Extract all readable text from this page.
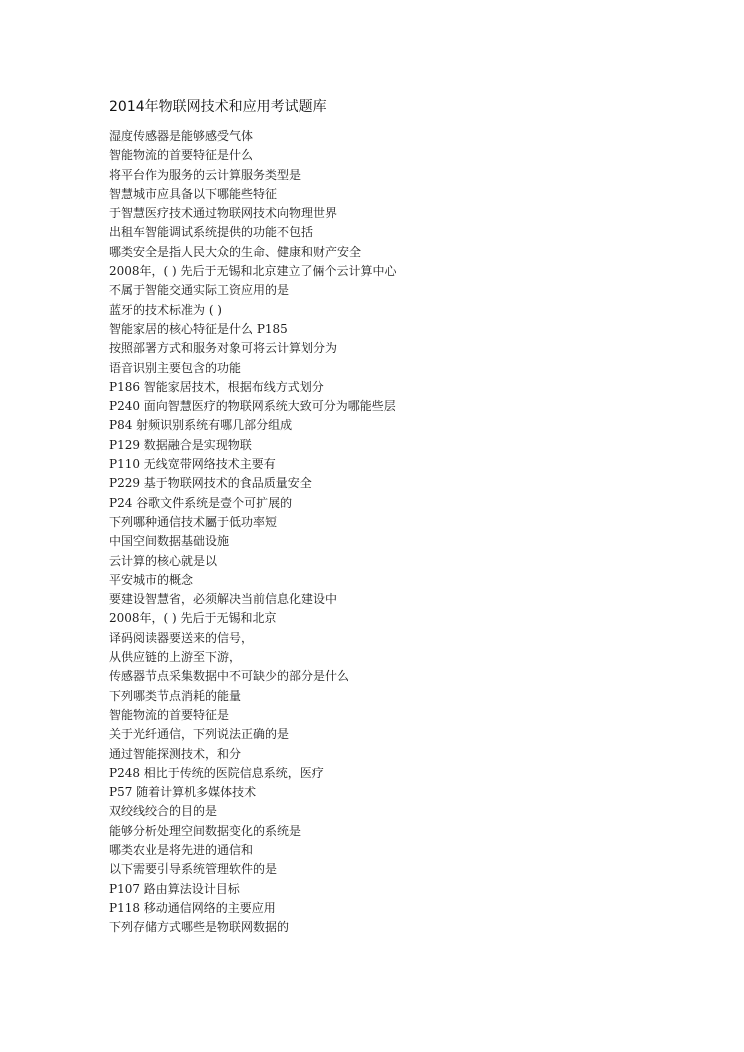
2014年物联网技术和应用考试题库
湿度传感器是能够感受气体
智能物流的首要特征是什么
将平台作为服务的云计算服务类型是
智慧城市应具备以下哪能些特征
于智慧医疗技术通过物联网技术向物理世界
出租车智能调试系统提供的功能不包括
哪类安全是指人民大众的生命、健康和财产安全
2008年，( ) 先后于无锡和北京建立了倆个云计算中心
不属于智能交通实际工资应用的是
蓝牙的技术标准为 ( )
智能家居的核心特征是什么 P185
按照部署方式和服务对象可将云计算划分为
语音识别主要包含的功能
P186 智能家居技术，根据布线方式划分
P240 面向智慧医疗的物联网系统大致可分为哪能些层
P84 射频识别系统有哪几部分组成
P129 数据融合是实现物联
P110 无线宽带网络技术主要有
P229 基于物联网技术的食品质量安全
P24 谷歌文件系统是壹个可扩展的
下列哪种通信技术屬于低功率短
中国空间数据基础设施
云计算的核心就是以
平安城市的概念
要建设智慧省，必须解决当前信息化建设中
2008年，( ) 先后于无锡和北京
译码阅读器要送来的信号，
从供应链的上游至下游，
传感器节点采集数据中不可缺少的部分是什么
下列哪类节点消耗的能量
智能物流的首要特征是
关于光纤通信，下列说法正确的是
通过智能探测技术，和分
P248 相比于传统的医院信息系统，医疗
P57 随着计算机多媒体技术
双绞线绞合的目的是
能够分析处理空间数据变化的系统是
哪类农业是将先进的通信和
以下需要引导系统管理软件的是
P107 路由算法设计目标
P118 移动通信网络的主要应用
下列存储方式哪些是物联网数据的
